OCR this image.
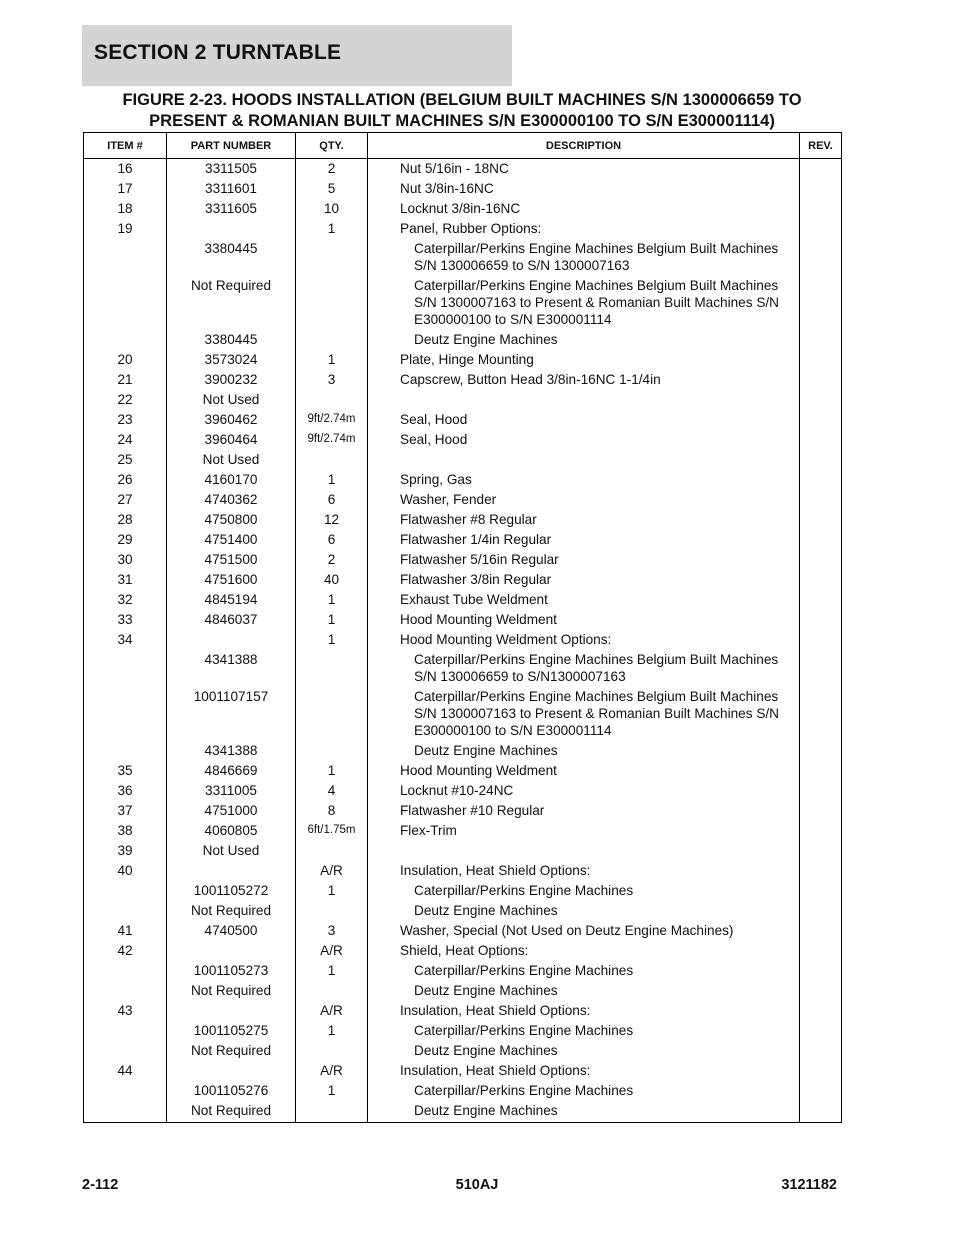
SECTION 2 TURNTABLE
FIGURE 2-23. HOODS INSTALLATION (BELGIUM BUILT MACHINES S/N 1300006659 TO
PRESENT & ROMANIAN BUILT MACHINES S/N E300000100 TO S/N E300001114)
ITEM #	PART NUMBER	QTY.	DESCRIPTION	REV.
16	3311505	2	Nut 5/16in - 18NC	
17	3311601	5	Nut 3/8in-16NC	
18	3311605	10	Locknut 3/8in-16NC	
19		1	Panel, Rubber Options:	
	3380445		Caterpillar/Perkins Engine Machines Belgium Built Machines S/N 130006659 to S/N 1300007163	
	Not Required		Caterpillar/Perkins Engine Machines Belgium Built Machines S/N 1300007163 to Present & Romanian Built Machines S/N E300000100 to S/N E300001114	
	3380445		Deutz Engine Machines	
20	3573024	1	Plate, Hinge Mounting	
21	3900232	3	Capscrew, Button Head 3/8in-16NC 1-1/4in	
22	Not Used			
23	3960462	9ft/2.74m	Seal, Hood	
24	3960464	9ft/2.74m	Seal, Hood	
25	Not Used			
26	4160170	1	Spring, Gas	
27	4740362	6	Washer, Fender	
28	4750800	12	Flatwasher #8 Regular	
29	4751400	6	Flatwasher 1/4in Regular	
30	4751500	2	Flatwasher 5/16in Regular	
31	4751600	40	Flatwasher 3/8in Regular	
32	4845194	1	Exhaust Tube Weldment	
33	4846037	1	Hood Mounting Weldment	
34		1	Hood Mounting Weldment Options:	
	4341388		Caterpillar/Perkins Engine Machines Belgium Built Machines S/N 130006659 to S/N1300007163	
	1001107157		Caterpillar/Perkins Engine Machines Belgium Built Machines S/N 1300007163 to Present & Romanian Built Machines S/N E300000100 to S/N E300001114	
	4341388		Deutz Engine Machines	
35	4846669	1	Hood Mounting Weldment	
36	3311005	4	Locknut #10-24NC	
37	4751000	8	Flatwasher #10 Regular	
38	4060805	6ft/1.75m	Flex-Trim	
39	Not Used			
40		A/R	Insulation, Heat Shield Options:	
	1001105272	1	Caterpillar/Perkins Engine Machines	
	Not Required		Deutz Engine Machines	
41	4740500	3	Washer, Special (Not Used on Deutz Engine Machines)	
42		A/R	Shield, Heat Options:	
	1001105273	1	Caterpillar/Perkins Engine Machines	
	Not Required		Deutz Engine Machines	
43		A/R	Insulation, Heat Shield Options:	
	1001105275	1	Caterpillar/Perkins Engine Machines	
	Not Required		Deutz Engine Machines	
44		A/R	Insulation, Heat Shield Options:	
	1001105276	1	Caterpillar/Perkins Engine Machines	
	Not Required		Deutz Engine Machines	
2-112	510AJ	3121182
